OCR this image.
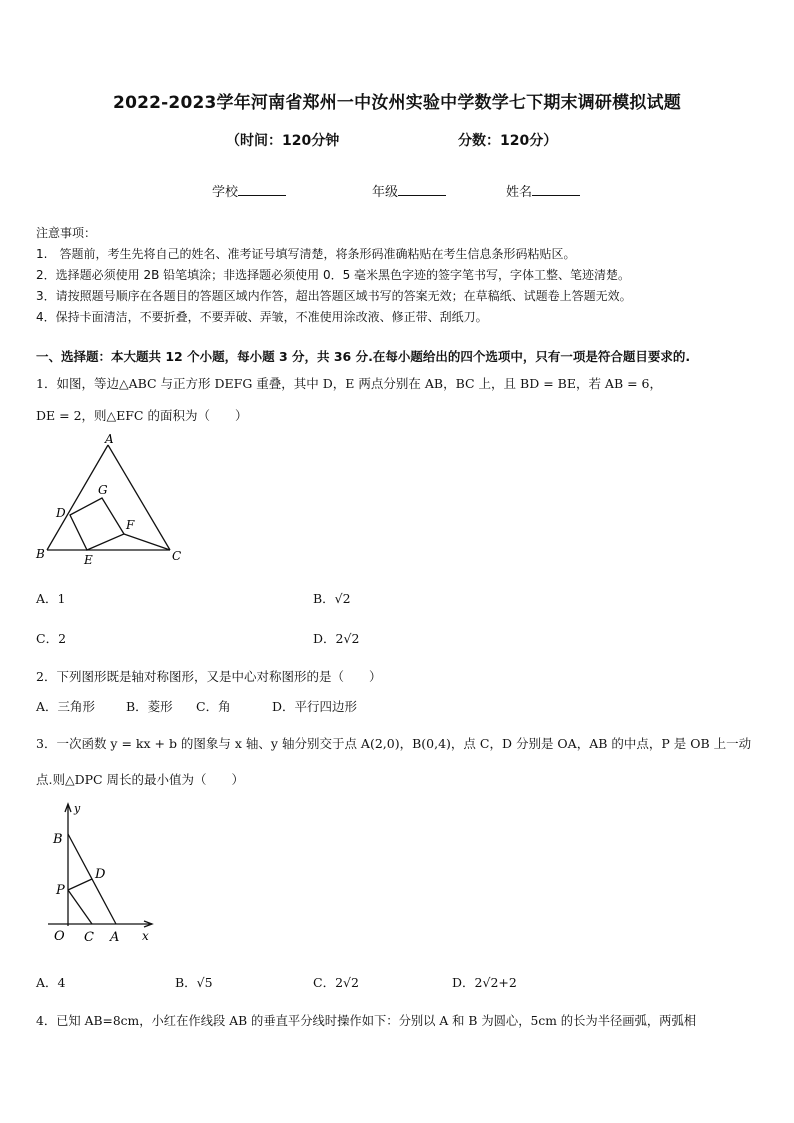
2022-2023学年河南省郑州一中汝州实验中学数学七下期末调研模拟试题
（时间：120分钟	分数：120分）
学校	年级	姓名
注意事项：
1.　答题前，考生先将自己的姓名、准考证号填写清楚，将条形码准确粘贴在考生信息条形码粘贴区。
2．选择题必须使用 2B 铅笔填涂；非选择题必须使用 0．5 毫米黑色字迹的签字笔书写，字体工整、笔迹清楚。
3．请按照题号顺序在各题目的答题区域内作答，超出答题区域书写的答案无效；在草稿纸、试题卷上答题无效。
4．保持卡面清洁，不要折叠，不要弄破、弄皱，不准使用涂改液、修正带、刮纸刀。
一、选择题：本大题共 12 个小题，每小题 3 分，共 36 分.在每小题给出的四个选项中，只有一项是符合题目要求的.
1．如图，等边△ABC 与正方形 DEFG 重叠，其中 D，E 两点分别在 AB，BC 上，且 BD = BE，若 AB = 6，
DE = 2，则△EFC 的面积为（　　）
A
G
D
F
B	E	C
A．1	B．√2
C．2	D．2√2
2．下列图形既是轴对称图形，又是中心对称图形的是（　　）
A．三角形 B．菱形 C．角	D．平行四边形
3．一次函数 y = kx + b 的图象与 x 轴、y 轴分别交于点 A(2,0)，B(0,4)，点 C，D 分别是 OA，AB 的中点，P 是 OB 上一动
点.则△DPC 周长的最小值为（　　）
y
B
D
P
O C A x
A．4	B．√5	C．2√2	D．2√2+2
4．已知 AB=8cm，小红在作线段 AB 的垂直平分线时操作如下：分别以 A 和 B 为圆心，5cm 的长为半径画弧，两弧相
